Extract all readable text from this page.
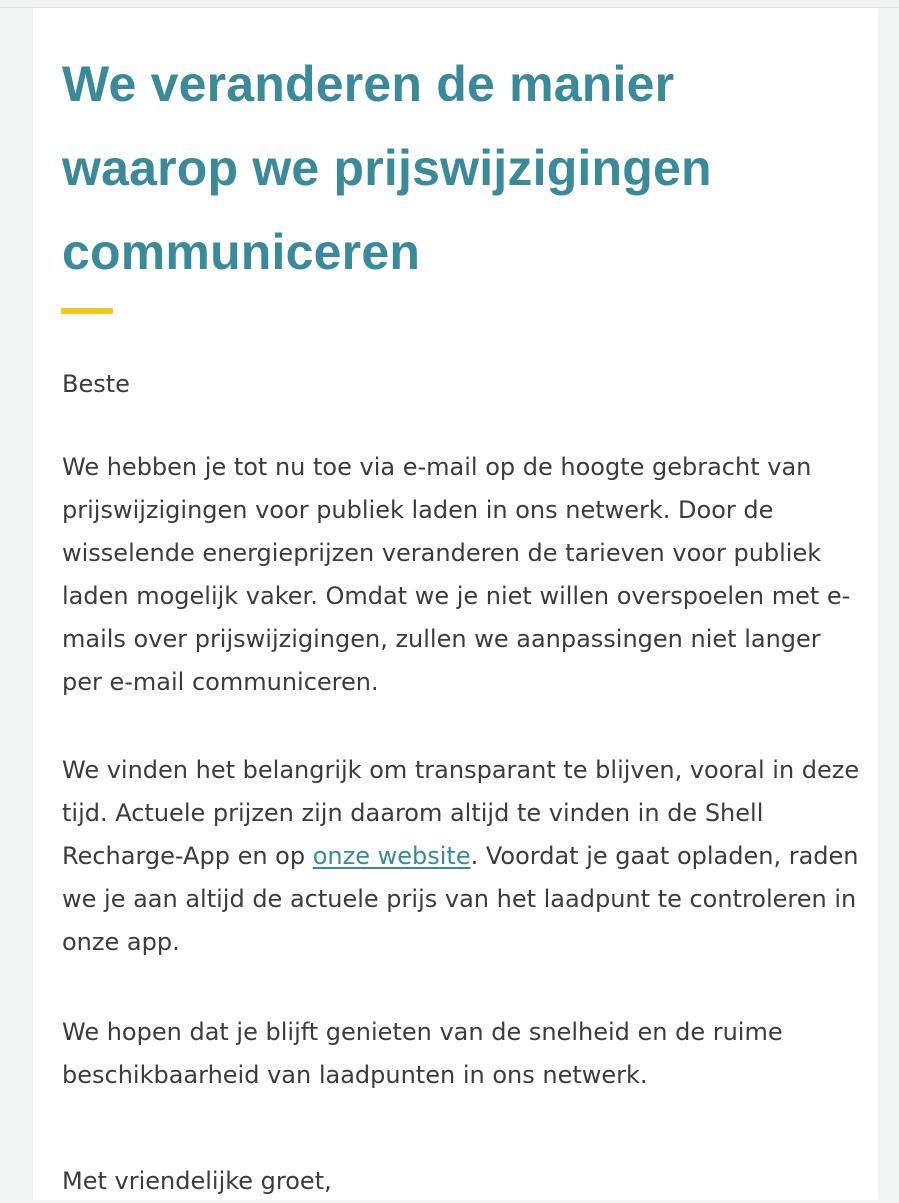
We veranderen de manier waarop we prijswijzigingen communiceren

Beste

We hebben je tot nu toe via e-mail op de hoogte gebracht van prijswijzigingen voor publiek laden in ons netwerk. Door de wisselende energieprijzen veranderen de tarieven voor publiek laden mogelijk vaker. Omdat we je niet willen overspoelen met e-mails over prijswijzigingen, zullen we aanpassingen niet langer per e-mail communiceren.

We vinden het belangrijk om transparant te blijven, vooral in deze tijd. Actuele prijzen zijn daarom altijd te vinden in de Shell Recharge-App en op onze website. Voordat je gaat opladen, raden we je aan altijd de actuele prijs van het laadpunt te controleren in onze app.

We hopen dat je blijft genieten van de snelheid en de ruime beschikbaarheid van laadpunten in ons netwerk.

Met vriendelijke groet,
